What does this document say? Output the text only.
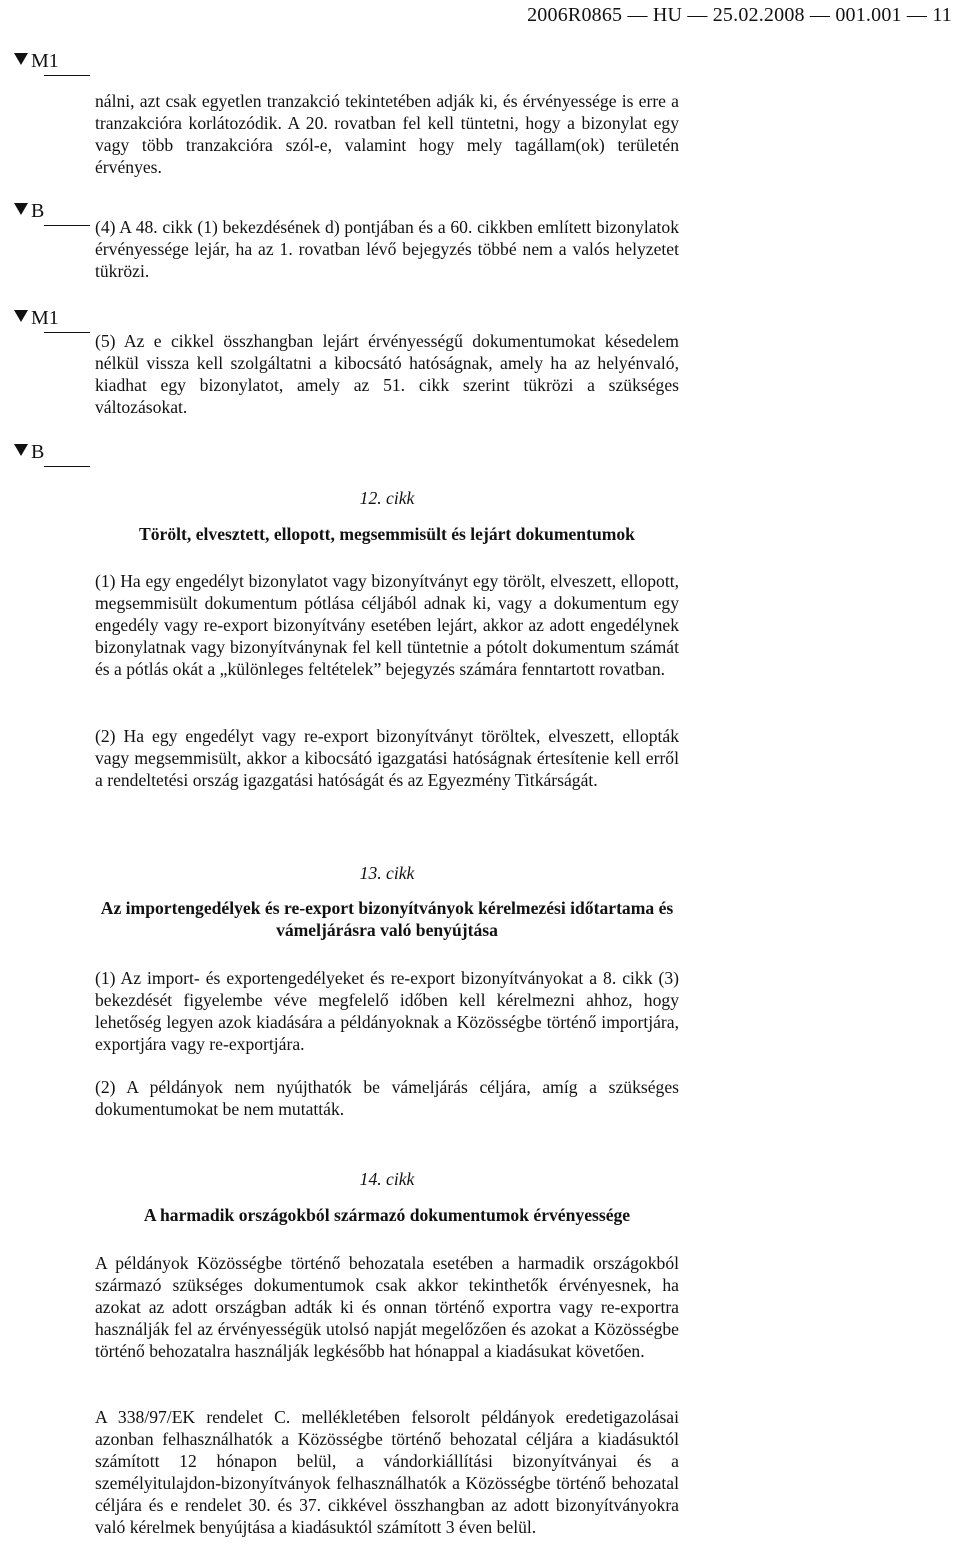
2006R0865 — HU — 25.02.2008 — 001.001 — 11
M1
B
M1
B
nálni, azt csak egyetlen tranzakció tekintetében adják ki, és érvényessége is erre a tranzakcióra korlátozódik. A 20. rovatban fel kell tüntetni, hogy a bizonylat egy vagy több tranzakcióra szól-e, valamint hogy mely tagállam(ok) területén érvényes.
(4) A 48. cikk (1) bekezdésének d) pontjában és a 60. cikkben említett bizonylatok érvényessége lejár, ha az 1. rovatban lévő bejegyzés többé nem a valós helyzetet tükrözi.
(5) Az e cikkel összhangban lejárt érvényességű dokumentumokat késedelem nélkül vissza kell szolgáltatni a kibocsátó hatóságnak, amely ha az helyénvaló, kiadhat egy bizonylatot, amely az 51. cikk szerint tükrözi a szükséges változásokat.
12. cikk
Törölt, elvesztett, ellopott, megsemmisült és lejárt dokumentumok
(1) Ha egy engedélyt bizonylatot vagy bizonyítványt egy törölt, elveszett, ellopott, megsemmisült dokumentum pótlása céljából adnak ki, vagy a dokumentum egy engedély vagy re-export bizonyítvány esetében lejárt, akkor az adott engedélynek bizonylatnak vagy bizonyítványnak fel kell tüntetnie a pótolt dokumentum számát és a pótlás okát a „különleges feltételek” bejegyzés számára fenntartott rovatban.
(2) Ha egy engedélyt vagy re-export bizonyítványt töröltek, elveszett, ellopták vagy megsemmisült, akkor a kibocsátó igazgatási hatóságnak értesítenie kell erről a rendeltetési ország igazgatási hatóságát és az Egyezmény Titkárságát.
13. cikk
Az importengedélyek és re-export bizonyítványok kérelmezési időtartama és vámeljárásra való benyújtása
(1) Az import- és exportengedélyeket és re-export bizonyítványokat a 8. cikk (3) bekezdését figyelembe véve megfelelő időben kell kérelmezni ahhoz, hogy lehetőség legyen azok kiadására a példányoknak a Közösségbe történő importjára, exportjára vagy re-exportjára.
(2) A példányok nem nyújthatók be vámeljárás céljára, amíg a szükséges dokumentumokat be nem mutatták.
14. cikk
A harmadik országokból származó dokumentumok érvényessége
A példányok Közösségbe történő behozatala esetében a harmadik országokból származó szükséges dokumentumok csak akkor tekinthetők érvényesnek, ha azokat az adott országban adták ki és onnan történő exportra vagy re-exportra használják fel az érvényességük utolsó napját megelőzően és azokat a Közösségbe történő behozatalra használják legkésőbb hat hónappal a kiadásukat követően.
A 338/97/EK rendelet C. mellékletében felsorolt példányok eredetigazolásai azonban felhasználhatók a Közösségbe történő behozatal céljára a kiadásuktól számított 12 hónapon belül, a vándorkiállítási bizonyítványai és a személyitulajdon-bizonyítványok felhasználhatók a Közösségbe történő behozatal céljára és e rendelet 30. és 37. cikkével összhangban az adott bizonyítványokra való kérelmek benyújtása a kiadásuktól számított 3 éven belül.
